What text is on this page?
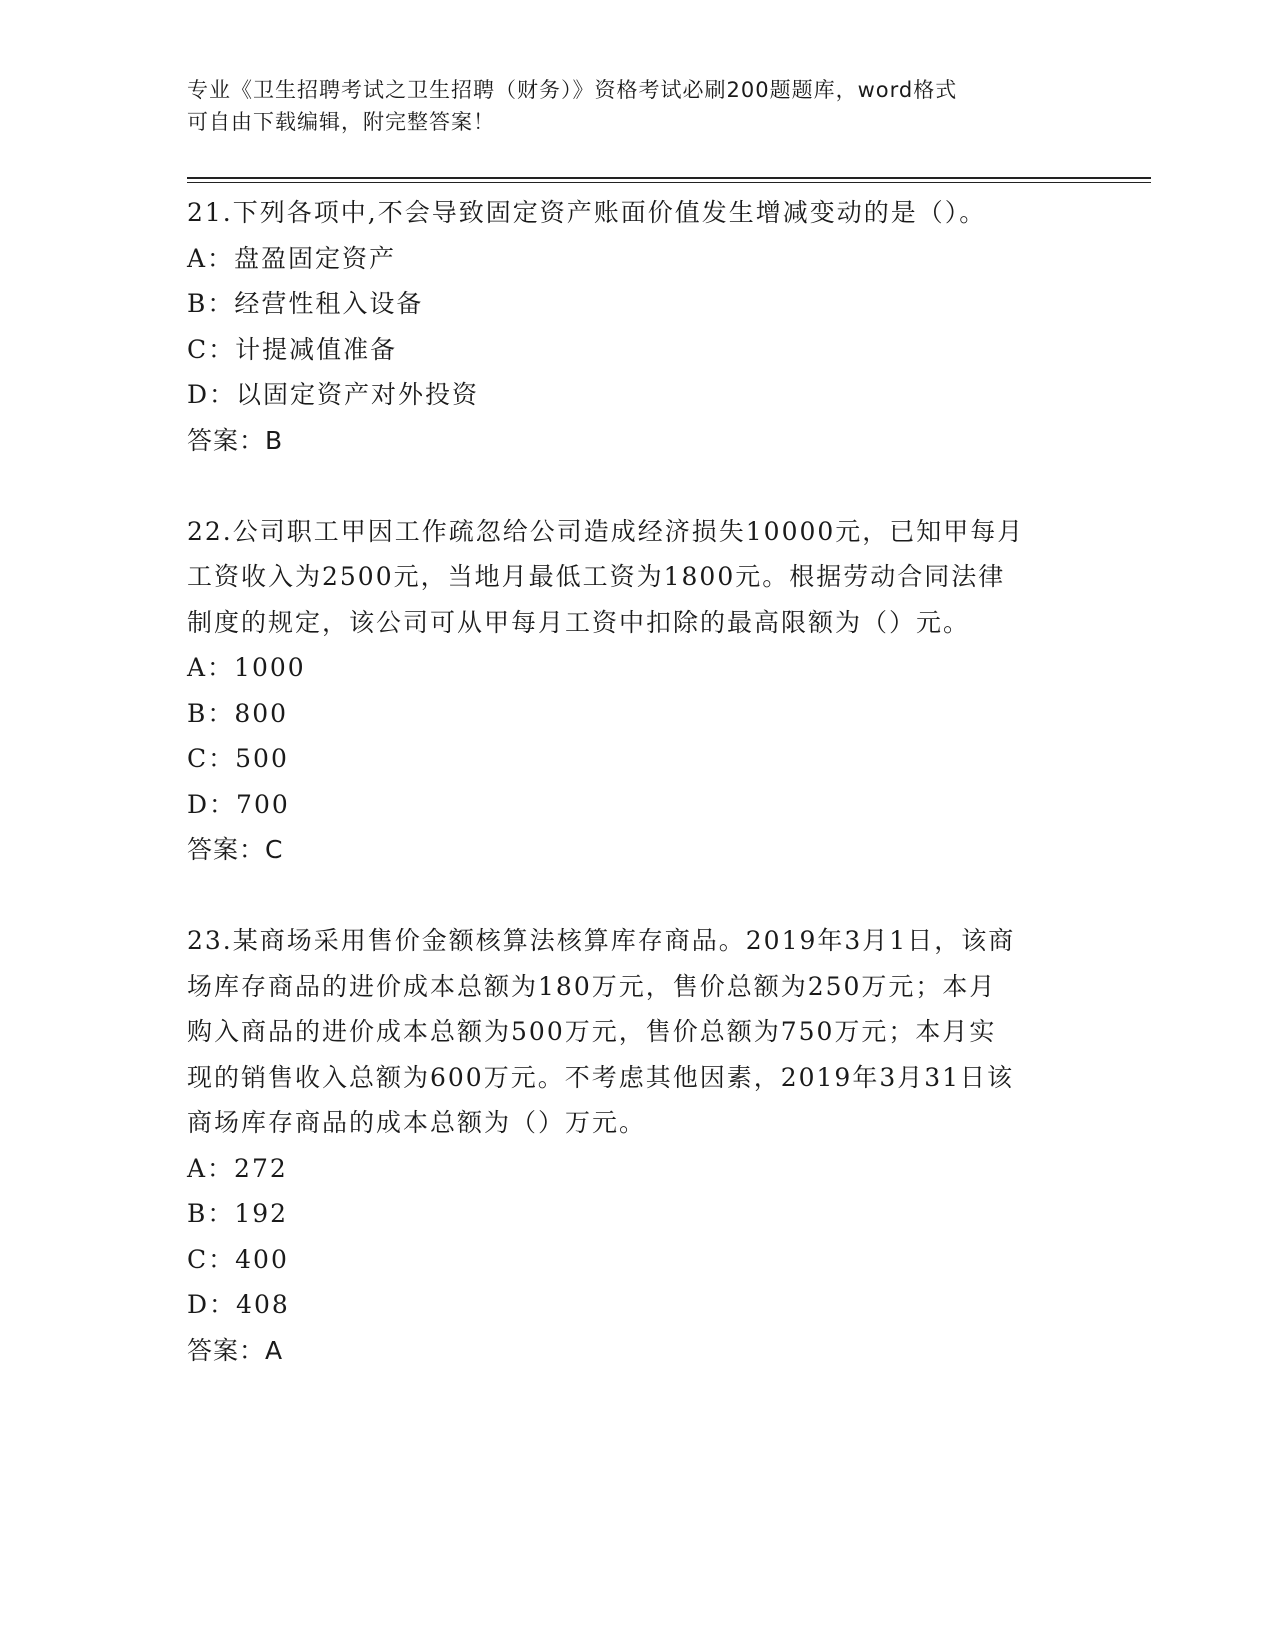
专业《卫生招聘考试之卫生招聘（财务）》资格考试必刷200题题库，word格式

可自由下载编辑，附完整答案！

21.下列各项中,不会导致固定资产账面价值发生增减变动的是（）。

A：盘盈固定资产

B：经营性租入设备

C：计提减值准备

D：以固定资产对外投资

答案：B

22.公司职工甲因工作疏忽给公司造成经济损失10000元，已知甲每月

工资收入为2500元，当地月最低工资为1800元。根据劳动合同法律

制度的规定，该公司可从甲每月工资中扣除的最高限额为（）元。

A：1000

B：800

C：500

D：700

答案：C

23.某商场采用售价金额核算法核算库存商品。2019年3月1日，该商

场库存商品的进价成本总额为180万元，售价总额为250万元；本月

购入商品的进价成本总额为500万元，售价总额为750万元；本月实

现的销售收入总额为600万元。不考虑其他因素，2019年3月31日该

商场库存商品的成本总额为（）万元。

A：272

B：192

C：400

D：408

答案：A
